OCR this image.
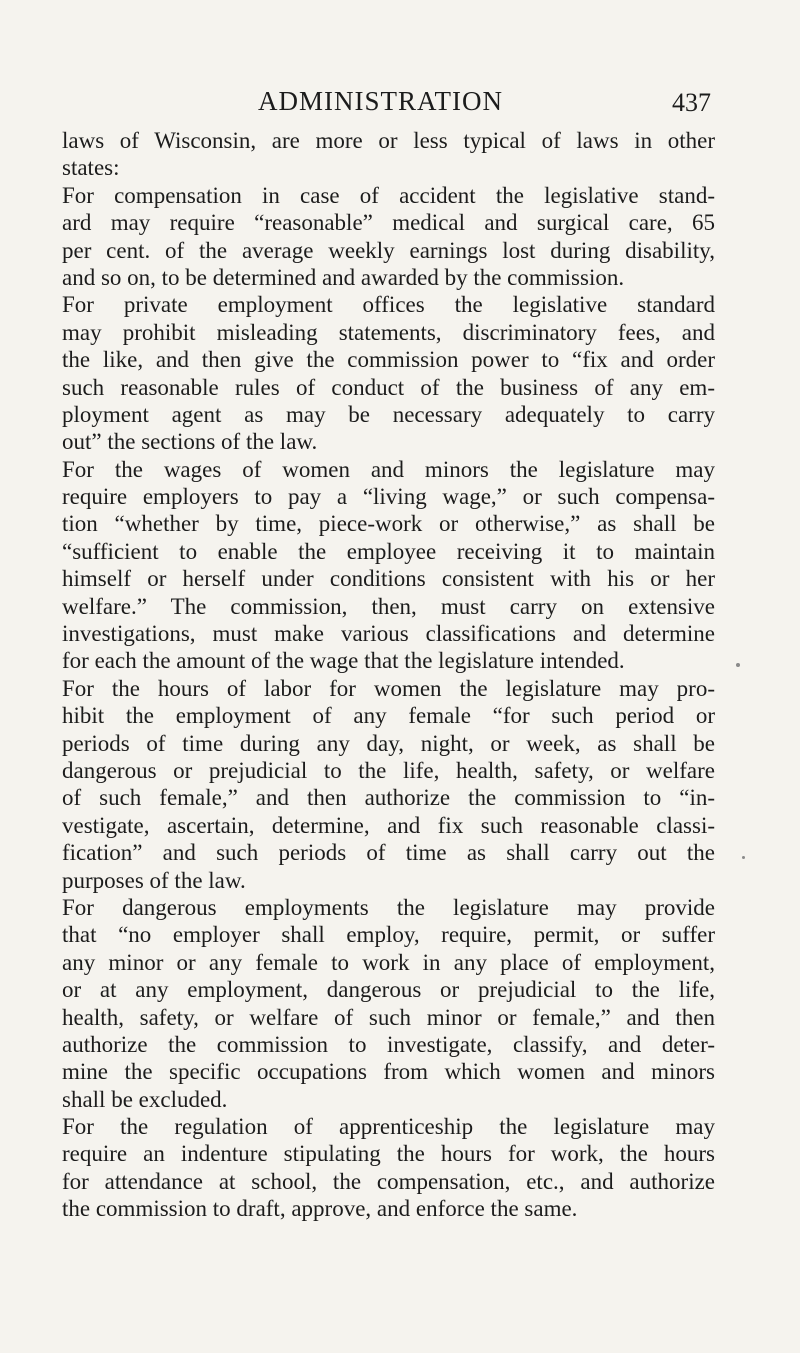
ADMINISTRATION	437
laws of Wisconsin, are more or less typical of laws in other
states:
For compensation in case of accident the legislative stand-
ard may require “reasonable” medical and surgical care, 65
per cent. of the average weekly earnings lost during disability,
and so on, to be determined and awarded by the commission.
For private employment offices the legislative standard
may prohibit misleading statements, discriminatory fees, and
the like, and then give the commission power to “fix and order
such reasonable rules of conduct of the business of any em-
ployment agent as may be necessary adequately to carry
out” the sections of the law.
For the wages of women and minors the legislature may
require employers to pay a “living wage,” or such compensa-
tion “whether by time, piece-work or otherwise,” as shall be
“sufficient to enable the employee receiving it to maintain
himself or herself under conditions consistent with his or her
welfare.” The commission, then, must carry on extensive
investigations, must make various classifications and determine
for each the amount of the wage that the legislature intended.
For the hours of labor for women the legislature may pro-
hibit the employment of any female “for such period or
periods of time during any day, night, or week, as shall be
dangerous or prejudicial to the life, health, safety, or welfare
of such female,” and then authorize the commission to “in-
vestigate, ascertain, determine, and fix such reasonable classi-
fication” and such periods of time as shall carry out the
purposes of the law.
For dangerous employments the legislature may provide
that “no employer shall employ, require, permit, or suffer
any minor or any female to work in any place of employment,
or at any employment, dangerous or prejudicial to the life,
health, safety, or welfare of such minor or female,” and then
authorize the commission to investigate, classify, and deter-
mine the specific occupations from which women and minors
shall be excluded.
For the regulation of apprenticeship the legislature may
require an indenture stipulating the hours for work, the hours
for attendance at school, the compensation, etc., and authorize
the commission to draft, approve, and enforce the same.
